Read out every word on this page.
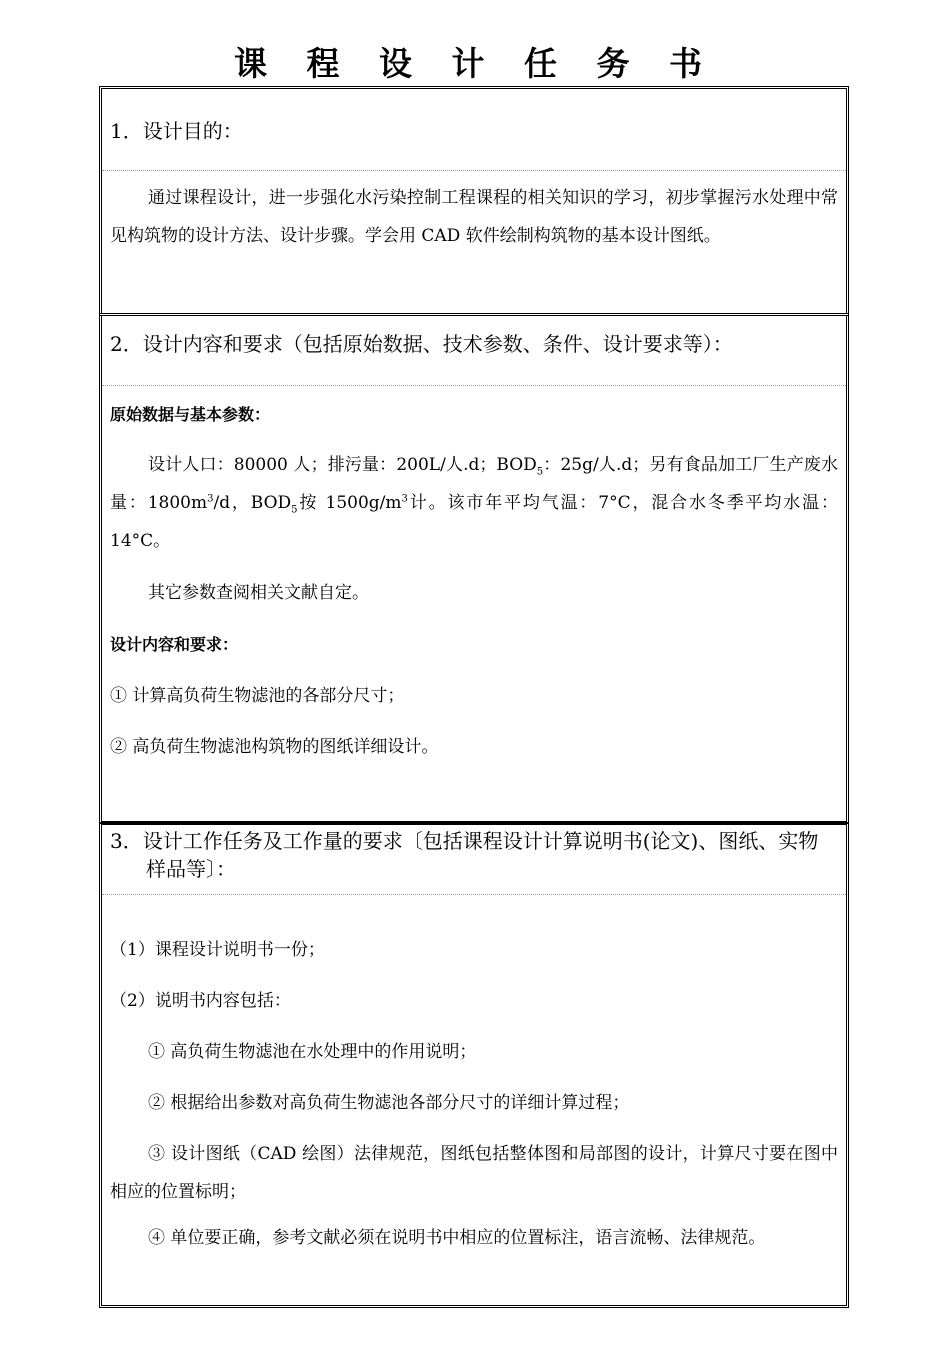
课 程 设 计 任 务 书
1．设计目的：
通过课程设计，进一步强化水污染控制工程课程的相关知识的学习，初步掌握污水处理中常见构筑物的设计方法、设计步骤。学会用 CAD 软件绘制构筑物的基本设计图纸。
2．设计内容和要求（包括原始数据、技术参数、条件、设计要求等）：
原始数据与基本参数：
设计人口：80000 人；排污量：200L/人.d；$BOD_5$：25g/人.d；另有食品加工厂生产废水量：$1800m^3/d$，$BOD_5$按 $1500g/m^3$计。该市年平均气温：7°C，混合水冬季平均水温：14°C。
其它参数查阅相关文献自定。
设计内容和要求：
① 计算高负荷生物滤池的各部分尺寸；
② 高负荷生物滤池构筑物的图纸详细设计。
3．设计工作任务及工作量的要求〔包括课程设计计算说明书(论文)、图纸、实物样品等〕：
（1）课程设计说明书一份；
（2）说明书内容包括：
① 高负荷生物滤池在水处理中的作用说明；
② 根据给出参数对高负荷生物滤池各部分尺寸的详细计算过程；
③ 设计图纸（CAD 绘图）法律规范，图纸包括整体图和局部图的设计，计算尺寸要在图中相应的位置标明；
④ 单位要正确，参考文献必须在说明书中相应的位置标注，语言流畅、法律规范。
